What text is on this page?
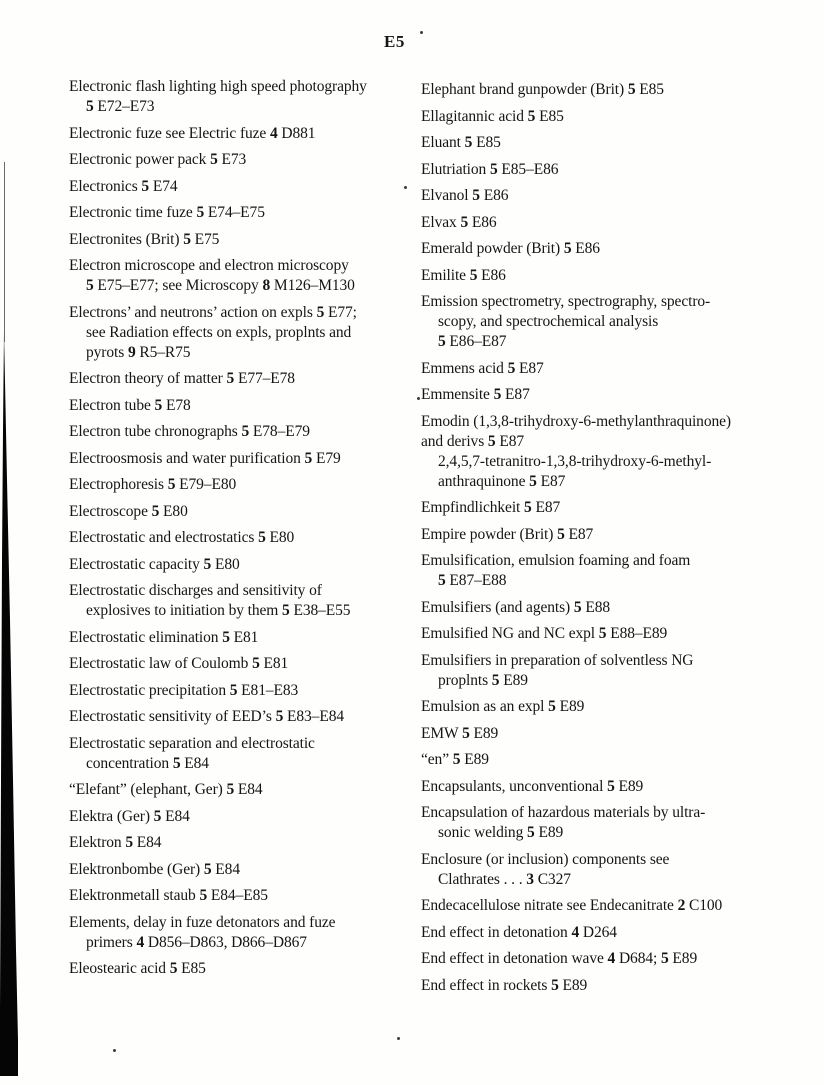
E5

Electronic flash lighting high speed photography
5 E72–E73

Electronic fuze see Electric fuze 4 D881

Electronic power pack 5 E73

Electronics 5 E74

Electronic time fuze 5 E74–E75

Electronites (Brit) 5 E75

Electron microscope and electron microscopy
5 E75–E77; see Microscopy 8 M126–M130

Electrons’ and neutrons’ action on expls 5 E77;
see Radiation effects on expls, proplnts and
pyrots 9 R5–R75

Electron theory of matter 5 E77–E78

Electron tube 5 E78

Electron tube chronographs 5 E78–E79

Electroosmosis and water purification 5 E79

Electrophoresis 5 E79–E80

Electroscope 5 E80

Electrostatic and electrostatics 5 E80

Electrostatic capacity 5 E80

Electrostatic discharges and sensitivity of
explosives to initiation by them 5 E38–E55

Electrostatic elimination 5 E81

Electrostatic law of Coulomb 5 E81

Electrostatic precipitation 5 E81–E83

Electrostatic sensitivity of EED’s 5 E83–E84

Electrostatic separation and electrostatic
concentration 5 E84

“Elefant” (elephant, Ger) 5 E84

Elektra (Ger) 5 E84

Elektron 5 E84

Elektronbombe (Ger) 5 E84

Elektronmetall staub 5 E84–E85

Elements, delay in fuze detonators and fuze
primers 4 D856–D863, D866–D867

Eleostearic acid 5 E85

Elephant brand gunpowder (Brit) 5 E85

Ellagitannic acid 5 E85

Eluant 5 E85

Elutriation 5 E85–E86

Elvanol 5 E86

Elvax 5 E86

Emerald powder (Brit) 5 E86

Emilite 5 E86

Emission spectrometry, spectrography, spectro-
scopy, and spectrochemical analysis
5 E86–E87

Emmens acid 5 E87

Emmensite 5 E87

Emodin (1,3,8-trihydroxy-6-methylanthraquinone)
and derivs 5 E87
2,4,5,7-tetranitro-1,3,8-trihydroxy-6-methyl-
anthraquinone 5 E87

Empfindlichkeit 5 E87

Empire powder (Brit) 5 E87

Emulsification, emulsion foaming and foam
5 E87–E88

Emulsifiers (and agents) 5 E88

Emulsified NG and NC expl 5 E88–E89

Emulsifiers in preparation of solventless NG
proplnts 5 E89

Emulsion as an expl 5 E89

EMW 5 E89

“en” 5 E89

Encapsulants, unconventional 5 E89

Encapsulation of hazardous materials by ultra-
sonic welding 5 E89

Enclosure (or inclusion) components see
Clathrates . . . 3 C327

Endecacellulose nitrate see Endecanitrate 2 C100

End effect in detonation 4 D264

End effect in detonation wave 4 D684; 5 E89

End effect in rockets 5 E89
